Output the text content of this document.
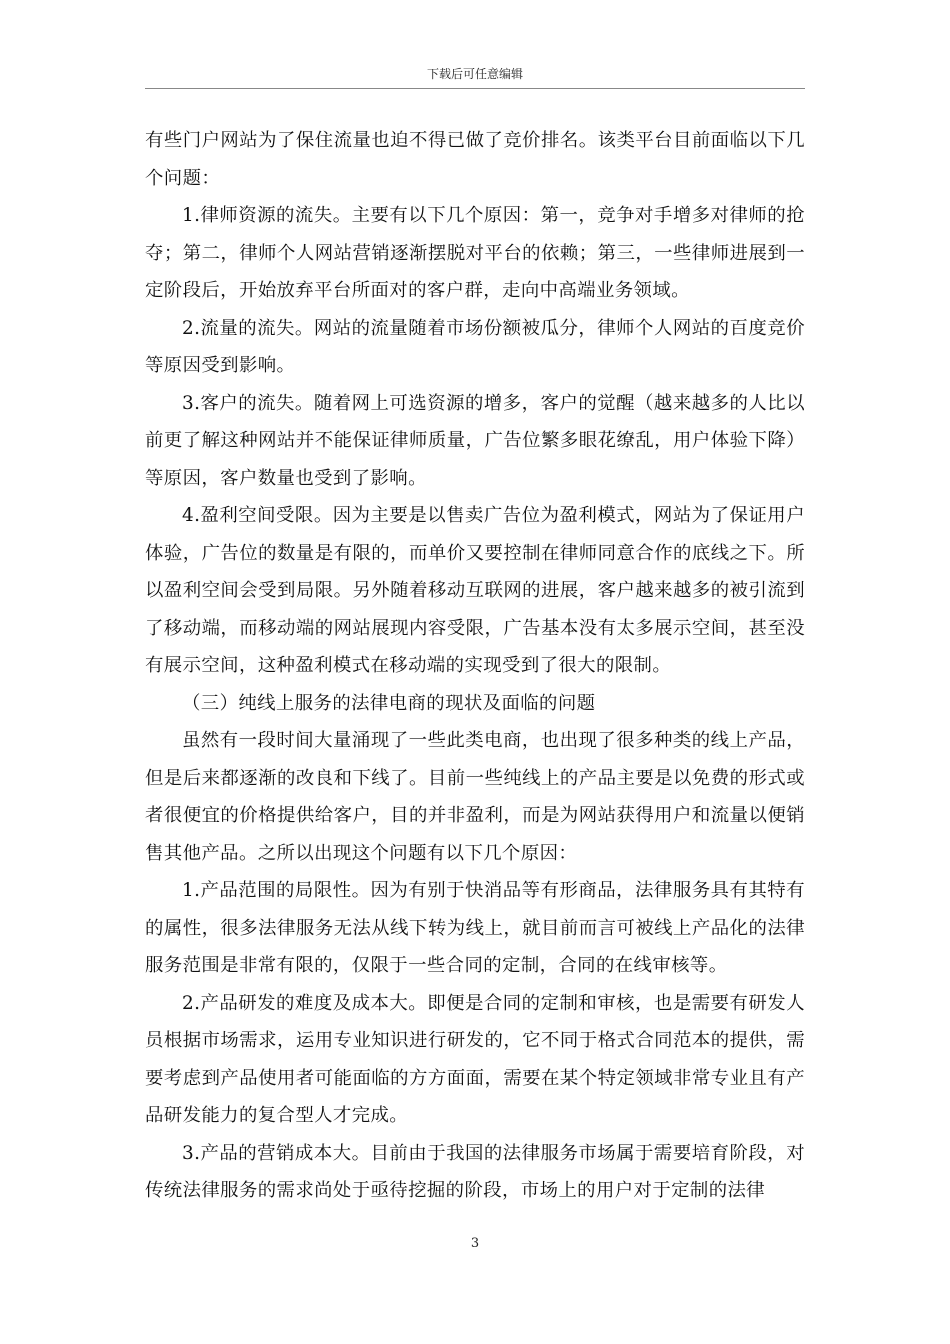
下载后可任意编辑

有些门户网站为了保住流量也迫不得已做了竞价排名。该类平台目前面临以下几个问题：

1.律师资源的流失。主要有以下几个原因：第一，竞争对手增多对律师的抢夺；第二，律师个人网站营销逐渐摆脱对平台的依赖；第三，一些律师进展到一定阶段后，开始放弃平台所面对的客户群，走向中高端业务领域。

2.流量的流失。网站的流量随着市场份额被瓜分，律师个人网站的百度竞价等原因受到影响。

3.客户的流失。随着网上可选资源的增多，客户的觉醒（越来越多的人比以前更了解这种网站并不能保证律师质量，广告位繁多眼花缭乱，用户体验下降）等原因，客户数量也受到了影响。

4.盈利空间受限。因为主要是以售卖广告位为盈利模式，网站为了保证用户体验，广告位的数量是有限的，而单价又要控制在律师同意合作的底线之下。所以盈利空间会受到局限。另外随着移动互联网的进展，客户越来越多的被引流到了移动端，而移动端的网站展现内容受限，广告基本没有太多展示空间，甚至没有展示空间，这种盈利模式在移动端的实现受到了很大的限制。

（三）纯线上服务的法律电商的现状及面临的问题

虽然有一段时间大量涌现了一些此类电商，也出现了很多种类的线上产品，但是后来都逐渐的改良和下线了。目前一些纯线上的产品主要是以免费的形式或者很便宜的价格提供给客户，目的并非盈利，而是为网站获得用户和流量以便销售其他产品。之所以出现这个问题有以下几个原因：

1.产品范围的局限性。因为有别于快消品等有形商品，法律服务具有其特有的属性，很多法律服务无法从线下转为线上，就目前而言可被线上产品化的法律服务范围是非常有限的，仅限于一些合同的定制，合同的在线审核等。

2.产品研发的难度及成本大。即便是合同的定制和审核，也是需要有研发人员根据市场需求，运用专业知识进行研发的，它不同于格式合同范本的提供，需要考虑到产品使用者可能面临的方方面面，需要在某个特定领域非常专业且有产品研发能力的复合型人才完成。

3.产品的营销成本大。目前由于我国的法律服务市场属于需要培育阶段，对传统法律服务的需求尚处于亟待挖掘的阶段，市场上的用户对于定制的法律

3
